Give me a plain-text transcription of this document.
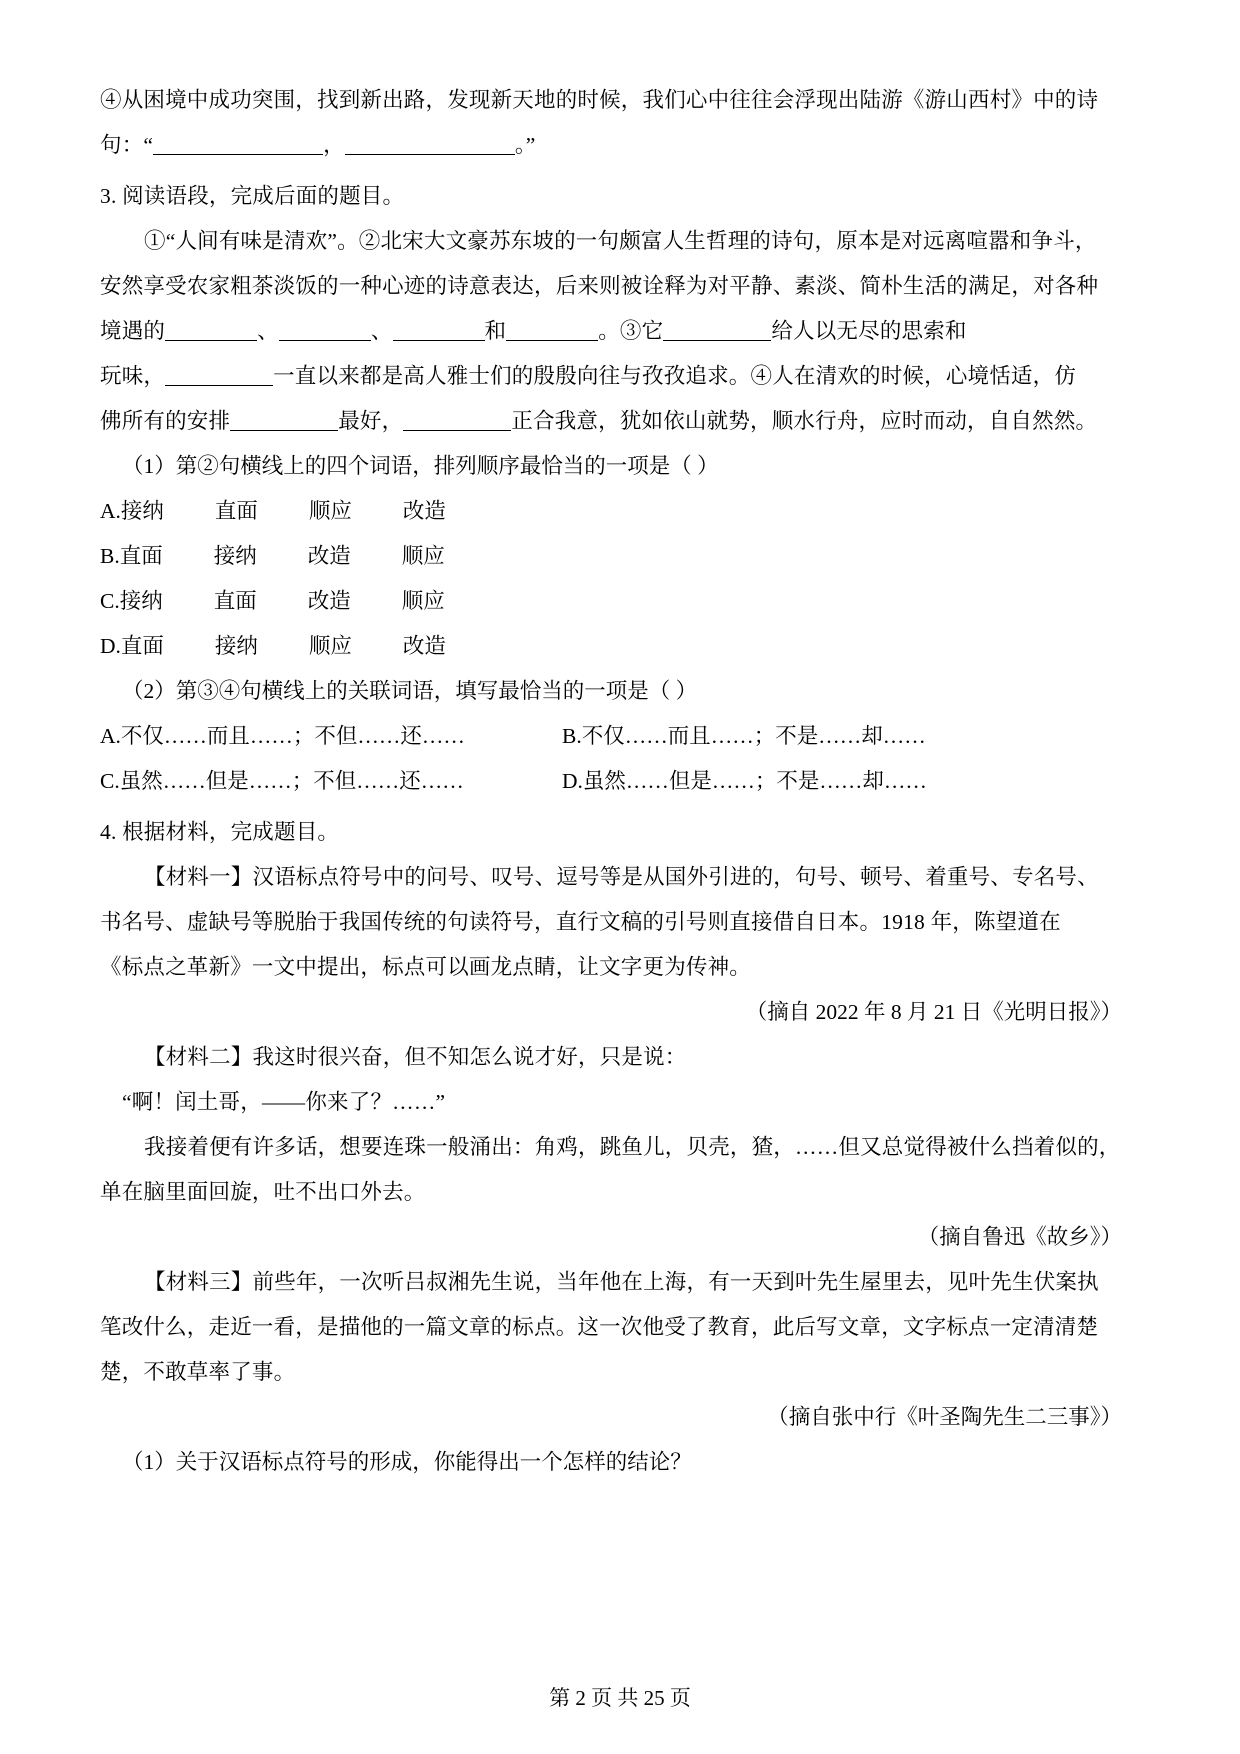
④从困境中成功突围，找到新出路，发现新天地的时候，我们心中往往会浮现出陆游《游山西村》中的诗
句：“	，	。”
3. 阅读语段，完成后面的题目。
①“人间有味是清欢”。②北宋大文豪苏东坡的一句颇富人生哲理的诗句，原本是对远离喧嚣和争斗，
安然享受农家粗茶淡饭的一种心迹的诗意表达，后来则被诠释为对平静、素淡、简朴生活的满足，对各种
境遇的	、	、	和	。③它	给人以无尽的思索和
玩味，	一直以来都是高人雅士们的殷殷向往与孜孜追求。④人在清欢的时候，心境恬适，仿
佛所有的安排	最好，	正合我意，犹如依山就势，顺水行舟，应时而动，自自然然。
（1）第②句横线上的四个词语，排列顺序最恰当的一项是（ ）
A.接纳 直面 顺应 改造
B.直面 接纳 改造 顺应
C.接纳 直面 改造 顺应
D.直面 接纳 顺应 改造
（2）第③④句横线上的关联词语，填写最恰当的一项是（ ）
A.不仅……而且……；不但……还……	B.不仅……而且……；不是……却……
C.虽然……但是……；不但……还……	D.虽然……但是……；不是……却……
4. 根据材料，完成题目。
【材料一】汉语标点符号中的问号、叹号、逗号等是从国外引进的，句号、顿号、着重号、专名号、
书名号、虚缺号等脱胎于我国传统的句读符号，直行文稿的引号则直接借自日本。1918 年，陈望道在
《标点之革新》一文中提出，标点可以画龙点睛，让文字更为传神。
（摘自 2022 年 8 月 21 日《光明日报》）
【材料二】我这时很兴奋，但不知怎么说才好，只是说：
“啊！闰土哥，——你来了？……”
我接着便有许多话，想要连珠一般涌出：角鸡，跳鱼儿，贝壳，猹，……但又总觉得被什么挡着似的，
单在脑里面回旋，吐不出口外去。
（摘自鲁迅《故乡》）
【材料三】前些年，一次听吕叔湘先生说，当年他在上海，有一天到叶先生屋里去，见叶先生伏案执
笔改什么，走近一看，是描他的一篇文章的标点。这一次他受了教育，此后写文章，文字标点一定清清楚
楚，不敢草率了事。
（摘自张中行《叶圣陶先生二三事》）
（1）关于汉语标点符号的形成，你能得出一个怎样的结论？
第 2 页 共 25 页
